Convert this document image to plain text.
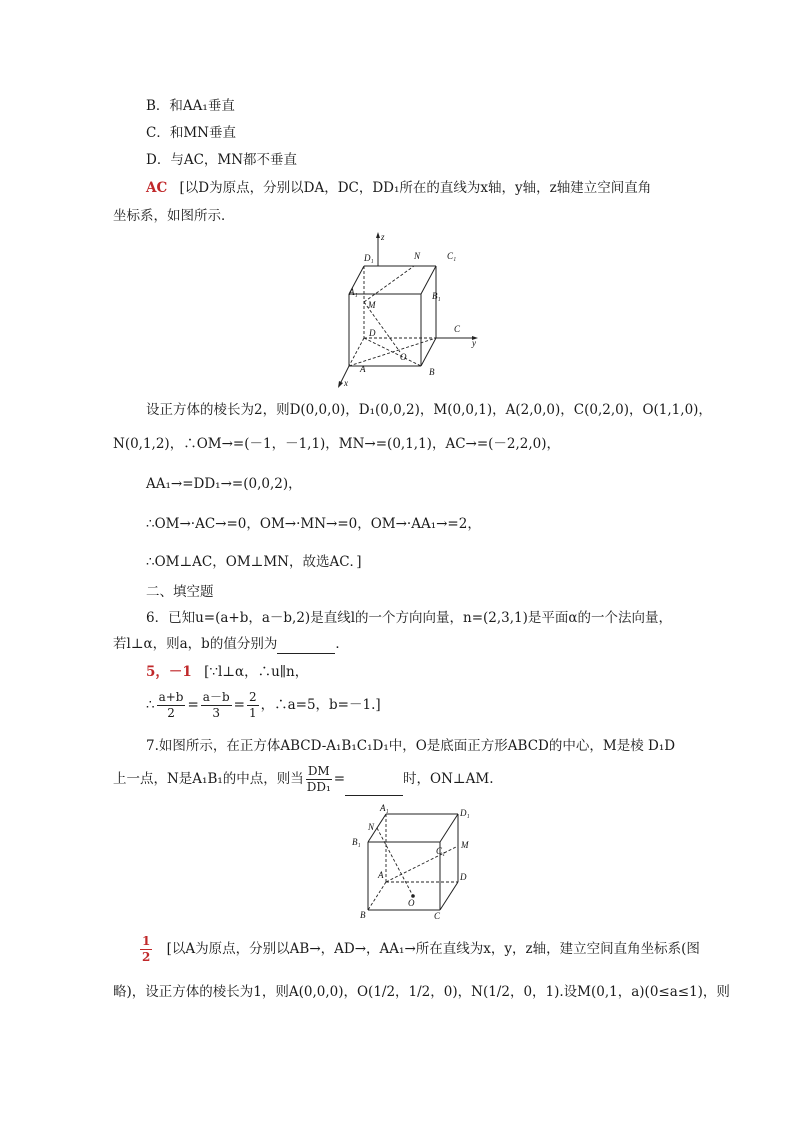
B．和AA₁垂直
C．和MN垂直
D．与AC，MN都不垂直
AC [以D为原点，分别以DA，DC，DD₁所在的直线为x轴，y轴，z轴建立空间直角
坐标系，如图所示．
z
x
y
D₁	N	C₁
A₁	B₁
M
D	C
O
A	B
设正方体的棱长为2，则D(0,0,0)，D₁(0,0,2)，M(0,0,1)，A(2,0,0)，C(0,2,0)，O(1,1,0)，
N(0,1,2)，∴OM→=(－1，－1,1)，MN→=(0,1,1)，AC→=(－2,2,0)，
AA₁→=DD₁→=(0,0,2)，
∴OM→·AC→=0，OM→·MN→=0，OM→·AA₁→=2，
∴OM⊥AC，OM⊥MN，故选AC．]
二、填空题
6．已知u=(a+b，a－b,2)是直线l的一个方向向量，n=(2,3,1)是平面α的一个法向量，
若l⊥α，则a，b的值分别为	．
5，－1 [∵l⊥α，∴u∥n，
∴ $\frac{a+b}{2} = \frac{a-b}{3} = \frac{2}{1}$ ，∴a=5，b=－1.]
7.如图所示，在正方体ABCD-A₁B₁C₁D₁中，O是底面正方形ABCD的中心，M是棱 D₁D
上一点，N是A₁B₁的中点，则当 $\frac{DM}{\text{DD₁}}$ =	时，ON⊥AM.
A₁	D₁
N
B₁
C₁
M
A	D
O
B	C
$\frac{1}{2}$ [以A为原点，分别以AB→，AD→，AA₁→所在直线为x，y，z轴，建立空间直角坐标系(图
略)，设正方体的棱长为1，则A(0,0,0)，O(1/2，1/2，0)，N(1/2，0，1).设M(0,1，a)(0≤a≤1)，则
